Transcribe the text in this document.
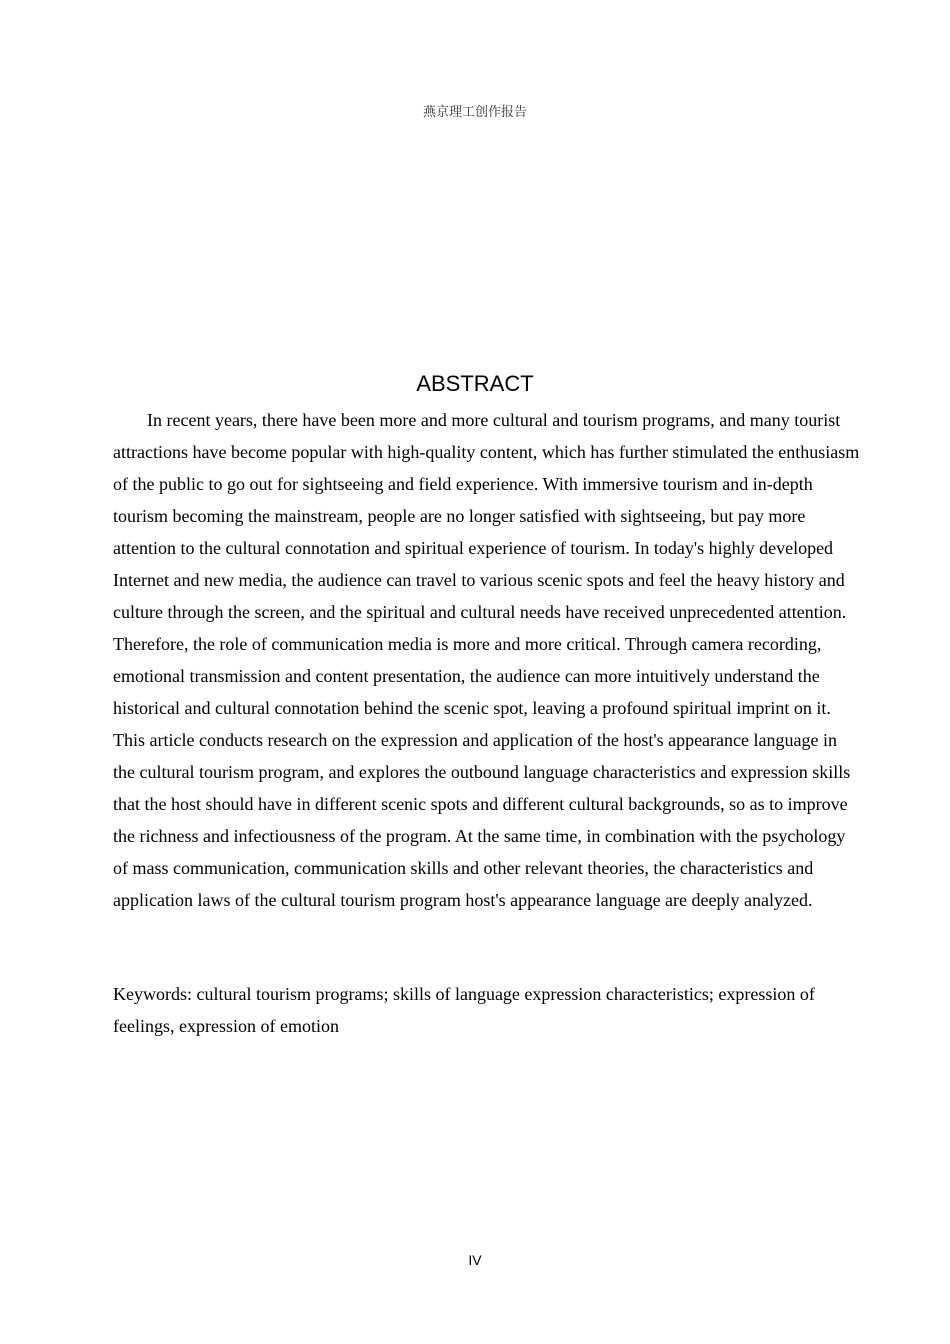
燕京理工创作报告
ABSTRACT

In recent years, there have been more and more cultural and tourism programs, and many tourist attractions have become popular with high-quality content, which has further stimulated the enthusiasm of the public to go out for sightseeing and field experience. With immersive tourism and in-depth tourism becoming the mainstream, people are no longer satisfied with sightseeing, but pay more attention to the cultural connotation and spiritual experience of tourism. In today's highly developed Internet and new media, the audience can travel to various scenic spots and feel the heavy history and culture through the screen, and the spiritual and cultural needs have received unprecedented attention. Therefore, the role of communication media is more and more critical. Through camera recording, emotional transmission and content presentation, the audience can more intuitively understand the historical and cultural connotation behind the scenic spot, leaving a profound spiritual imprint on it. This article conducts research on the expression and application of the host's appearance language in the cultural tourism program, and explores the outbound language characteristics and expression skills that the host should have in different scenic spots and different cultural backgrounds, so as to improve the richness and infectiousness of the program. At the same time, in combination with the psychology of mass communication, communication skills and other relevant theories, the characteristics and application laws of the cultural tourism program host's appearance language are deeply analyzed.

Keywords: cultural tourism programs; skills of language expression characteristics; expression of feelings, expression of emotion

IV
